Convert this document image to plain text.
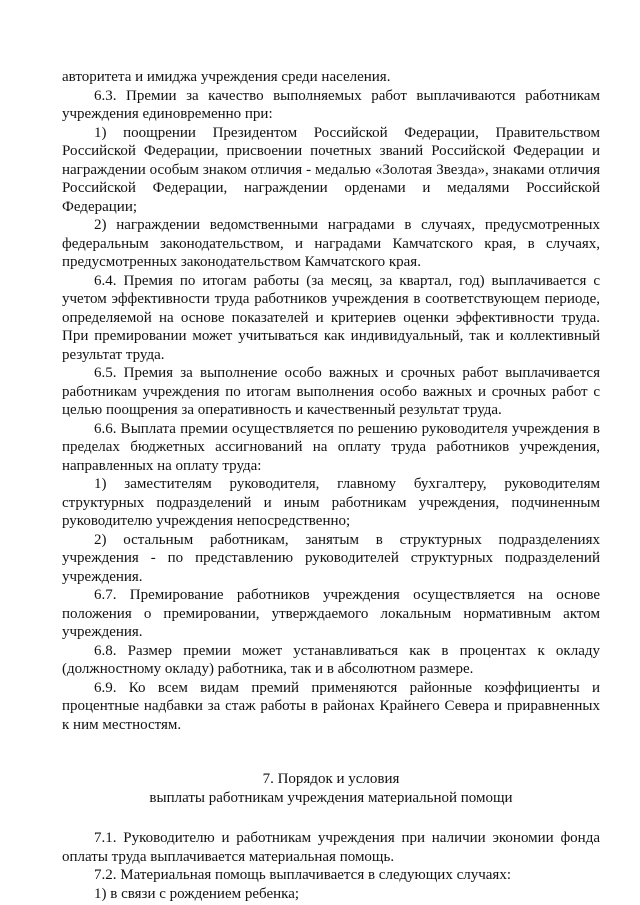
авторитета и имиджа учреждения среди населения.

6.3. Премии за качество выполняемых работ выплачиваются работникам учреждения единовременно при:

1) поощрении Президентом Российской Федерации, Правительством Российской Федерации, присвоении почетных званий Российской Федерации и награждении особым знаком отличия - медалью «Золотая Звезда», знаками отличия Российской Федерации, награждении орденами и медалями Российской Федерации;

2) награждении ведомственными наградами в случаях, предусмотренных федеральным законодательством, и наградами Камчатского края, в случаях, предусмотренных законодательством Камчатского края.

6.4. Премия по итогам работы (за месяц, за квартал, год) выплачивается с учетом эффективности труда работников учреждения в соответствующем периоде, определяемой на основе показателей и критериев оценки эффективности труда. При премировании может учитываться как индивидуальный, так и коллективный результат труда.

6.5. Премия за выполнение особо важных и срочных работ выплачивается работникам учреждения по итогам выполнения особо важных и срочных работ с целью поощрения за оперативность и качественный результат труда.

6.6. Выплата премии осуществляется по решению руководителя учреждения в пределах бюджетных ассигнований на оплату труда работников учреждения, направленных на оплату труда:

1) заместителям руководителя, главному бухгалтеру, руководителям структурных подразделений и иным работникам учреждения, подчиненным руководителю учреждения непосредственно;

2) остальным работникам, занятым в структурных подразделениях учреждения - по представлению руководителей структурных подразделений учреждения.

6.7. Премирование работников учреждения осуществляется на основе положения о премировании, утверждаемого локальным нормативным актом учреждения.

6.8. Размер премии может устанавливаться как в процентах к окладу (должностному окладу) работника, так и в абсолютном размере.

6.9. Ко всем видам премий применяются районные коэффициенты и процентные надбавки за стаж работы в районах Крайнего Севера и приравненных к ним местностям.

7. Порядок и условия

выплаты работникам учреждения материальной помощи

7.1. Руководителю и работникам учреждения при наличии экономии фонда оплаты труда выплачивается материальная помощь.

7.2. Материальная помощь выплачивается в следующих случаях:

1) в связи с рождением ребенка;
